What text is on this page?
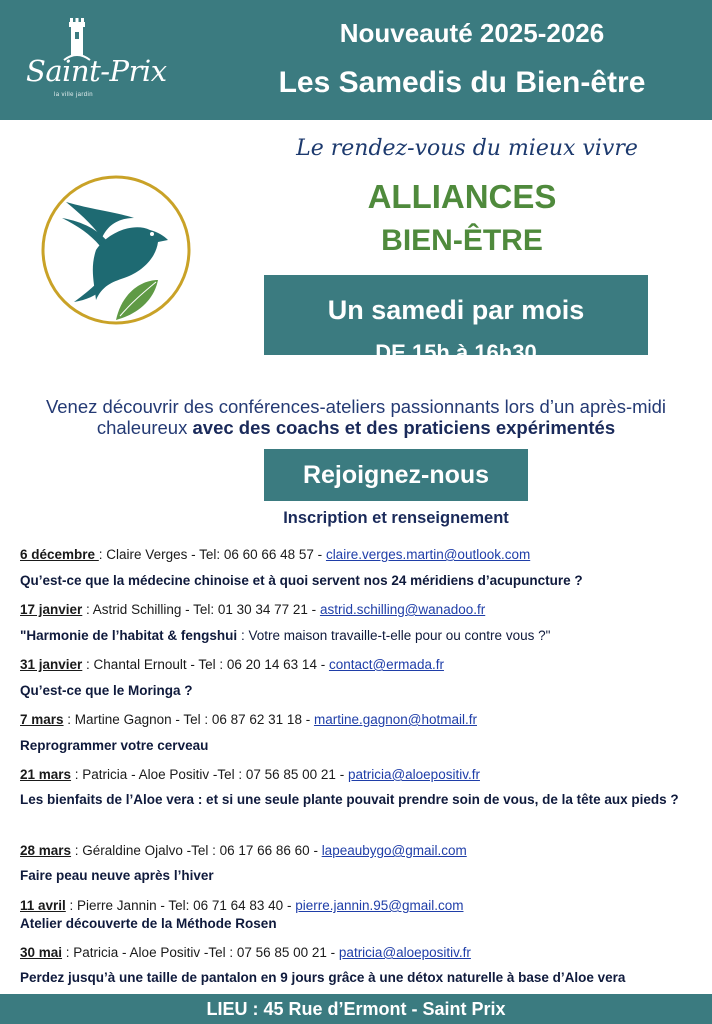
Saint-Prix
la ville jardin
Nouveauté 2025-2026
Les Samedis du Bien-être
Le rendez-vous du mieux vivre
ALLIANCES
BIEN-ÊTRE
Un samedi par mois
DE 15h à 16h30
Venez découvrir des conférences-ateliers passionnants lors d’un après-midi
chaleureux avec des coachs et des praticiens expérimentés
Rejoignez-nous
Inscription et renseignement
6 décembre : Claire Verges - Tel: 06 60 66 48 57 - claire.verges.martin@outlook.com
Qu’est-ce que la médecine chinoise et à quoi servent nos 24 méridiens d’acupuncture ?
17 janvier : Astrid Schilling - Tel: 01 30 34 77 21 - astrid.schilling@wanadoo.fr
"Harmonie de l’habitat & fengshui : Votre maison travaille-t-elle pour ou contre vous ?"
31 janvier : Chantal Ernoult - Tel : 06 20 14 63 14 - contact@ermada.fr
Qu’est-ce que le Moringa ?
7 mars : Martine Gagnon - Tel : 06 87 62 31 18 - martine.gagnon@hotmail.fr
Reprogrammer votre cerveau
21 mars : Patricia - Aloe Positiv -Tel : 07 56 85 00 21 - patricia@aloepositiv.fr
Les bienfaits de l’Aloe vera : et si une seule plante pouvait prendre soin de vous, de la tête aux pieds ?
28 mars : Géraldine Ojalvo -Tel : 06 17 66 86 60 - lapeaubygo@gmail.com
Faire peau neuve après l’hiver
11 avril : Pierre Jannin - Tel: 06 71 64 83 40 - pierre.jannin.95@gmail.com
Atelier découverte de la Méthode Rosen
30 mai : Patricia - Aloe Positiv -Tel : 07 56 85 00 21 - patricia@aloepositiv.fr
Perdez jusqu’à une taille de pantalon en 9 jours grâce à une détox naturelle à base d’Aloe vera
LIEU : 45 Rue d’Ermont - Saint Prix
